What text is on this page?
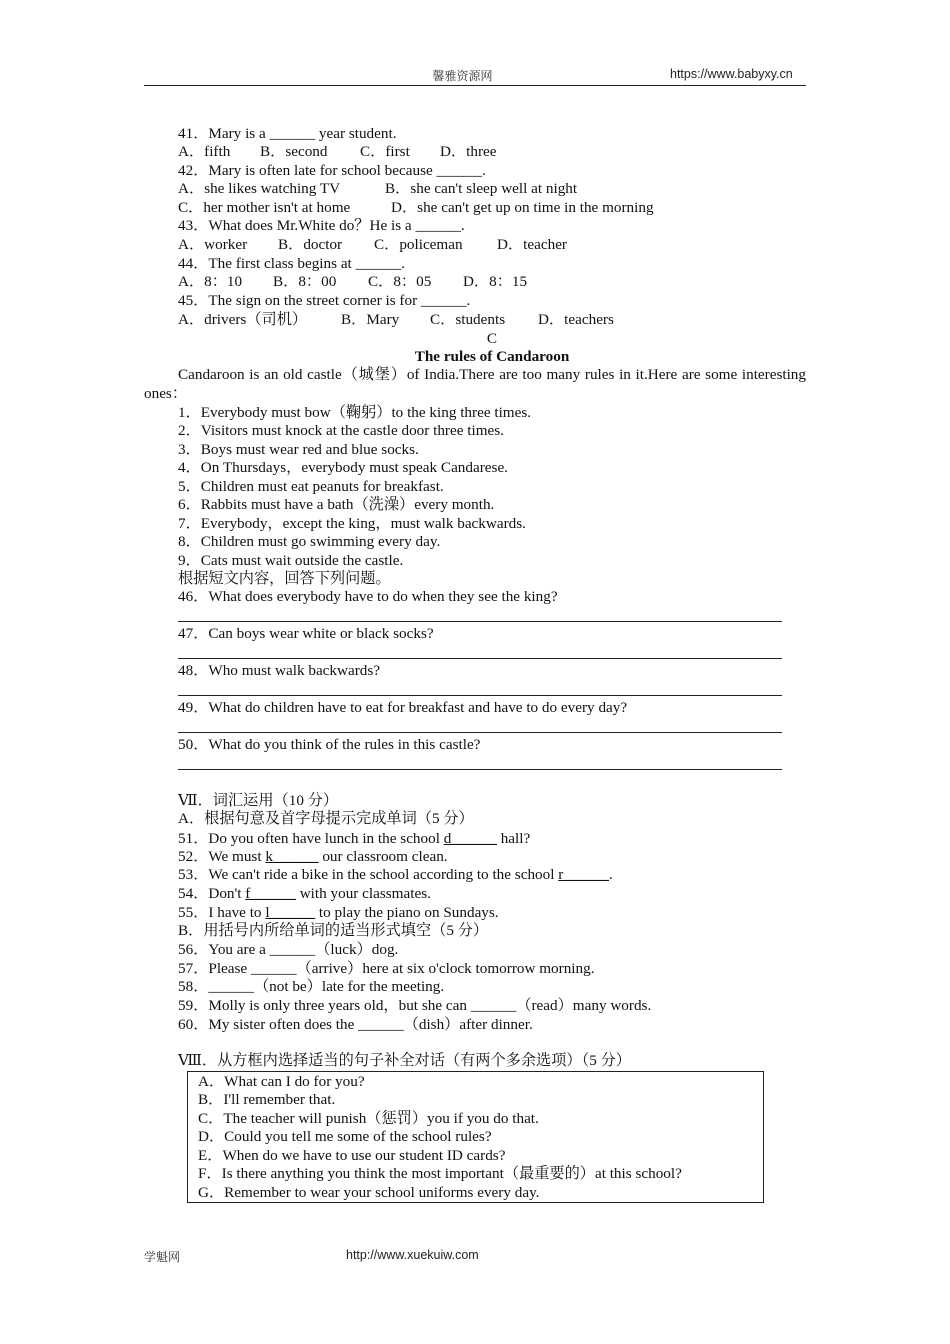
馨雅资源网	https://www.babyxy.cn
41．Mary is a ______ year student.
A．fifth B．second C．first D．three
42．Mary is often late for school because ______.
A．she likes watching TV	B．she can't sleep well at night
C．her mother isn't at home	D．she can't get up on time in the morning
43．What does Mr.White do？He is a ______.
A．worker B．doctor C．policeman D．teacher
44．The first class begins at ______.
A．8：10 B．8：00 C．8：05 D．8：15
45．The sign on the street corner is for ______.
A．drivers（司机） B．Mary C．students D．teachers
C
The rules of Candaroon
Candaroon is an old castle（城堡）of India.There are too many rules in it.Here are some interesting ones：
1．Everybody must bow（鞠躬）to the king three times.
2．Visitors must knock at the castle door three times.
3．Boys must wear red and blue socks.
4．On Thursdays，everybody must speak Candarese.
5．Children must eat peanuts for breakfast.
6．Rabbits must have a bath（洗澡）every month.
7．Everybody，except the king，must walk backwards.
8．Children must go swimming every day.
9．Cats must wait outside the castle.
根据短文内容，回答下列问题。
46．What does everybody have to do when they see the king?
47．Can boys wear white or black socks?
48．Who must walk backwards?
49．What do children have to eat for breakfast and have to do every day?
50．What do you think of the rules in this castle?
Ⅶ．词汇运用（10 分）
A．根据句意及首字母提示完成单词（5 分）
51．Do you often have lunch in the school d______ hall?
52．We must k______ our classroom clean.
53．We can't ride a bike in the school according to the school r______.
54．Don't f______ with your classmates.
55．I have to l______ to play the piano on Sundays.
B．用括号内所给单词的适当形式填空（5 分）
56．You are a ______（luck）dog.
57．Please ______（arrive）here at six o'clock tomorrow morning.
58．______（not be）late for the meeting.
59．Molly is only three years old，but she can ______（read）many words.
60．My sister often does the ______（dish）after dinner.
Ⅷ．从方框内选择适当的句子补全对话（有两个多余选项）（5 分）
A．What can I do for you?
B．I'll remember that.
C．The teacher will punish（惩罚）you if you do that.
D．Could you tell me some of the school rules?
E．When do we have to use our student ID cards?
F．Is there anything you think the most important（最重要的）at this school?
G．Remember to wear your school uniforms every day.
学魁网	http://www.xuekuiw.com
